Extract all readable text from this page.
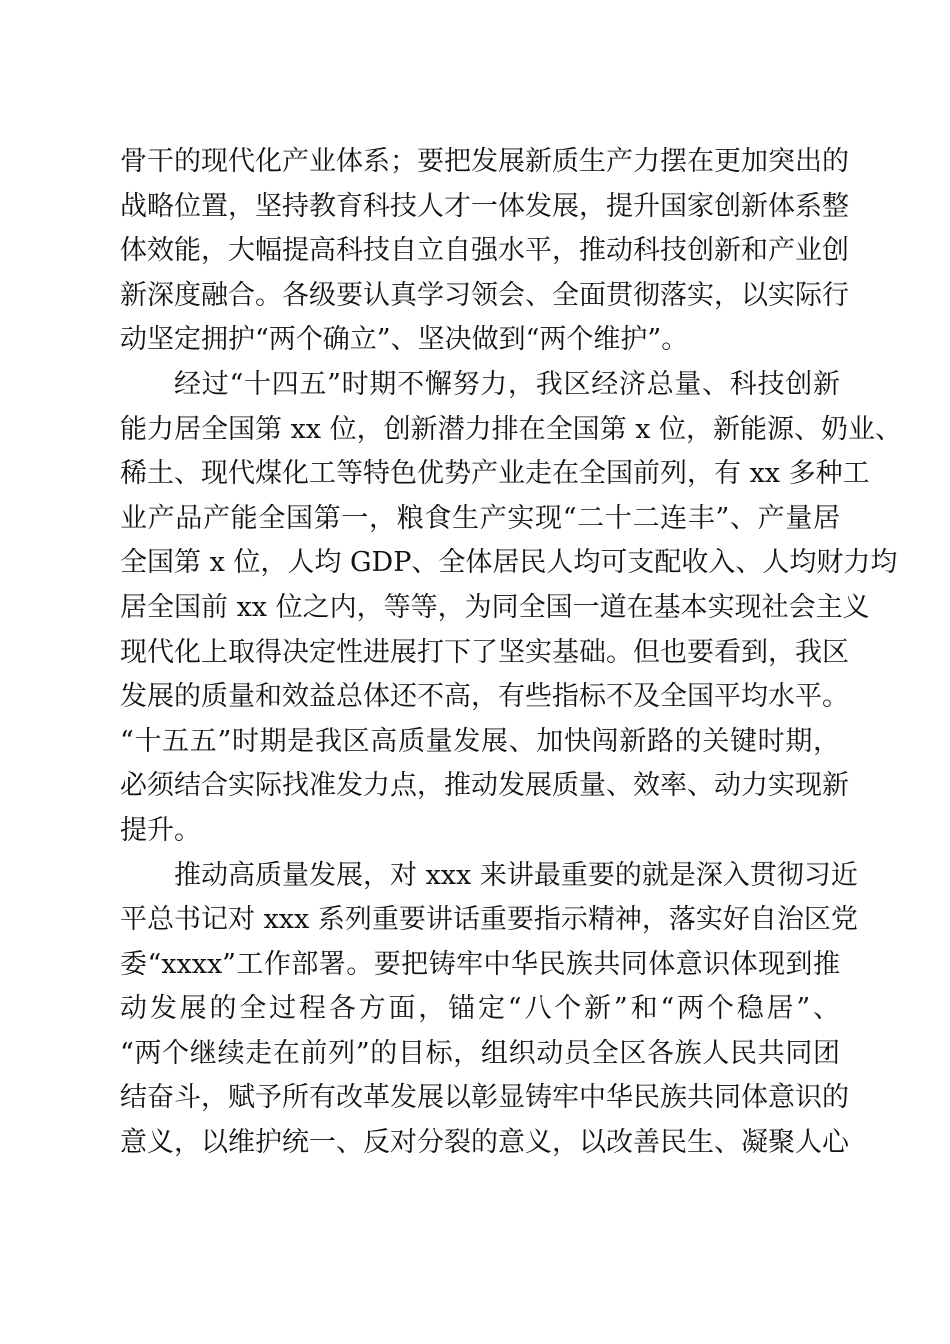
骨干的现代化产业体系；要把发展新质生产力摆在更加突出的
战略位置，坚持教育科技人才一体发展，提升国家创新体系整
体效能，大幅提高科技自立自强水平，推动科技创新和产业创
新深度融合。各级要认真学习领会、全面贯彻落实，以实际行
动坚定拥护“两个确立”、坚决做到“两个维护”。
经过“十四五”时期不懈努力，我区经济总量、科技创新
能力居全国第 xx 位，创新潜力排在全国第 x 位，新能源、奶业、
稀土、现代煤化工等特色优势产业走在全国前列，有 xx 多种工
业产品产能全国第一，粮食生产实现“二十二连丰”、产量居
全国第 x 位，人均 GDP、全体居民人均可支配收入、人均财力均
居全国前 xx 位之内，等等，为同全国一道在基本实现社会主义
现代化上取得决定性进展打下了坚实基础。但也要看到，我区
发展的质量和效益总体还不高，有些指标不及全国平均水平。
“十五五”时期是我区高质量发展、加快闯新路的关键时期，
必须结合实际找准发力点，推动发展质量、效率、动力实现新
提升。
推动高质量发展，对 xxx 来讲最重要的就是深入贯彻习近
平总书记对 xxx 系列重要讲话重要指示精神，落实好自治区党
委“xxxx”工作部署。要把铸牢中华民族共同体意识体现到推
动发展的全过程各方面，锚定“八个新”和“两个稳居”、
“两个继续走在前列”的目标，组织动员全区各族人民共同团
结奋斗，赋予所有改革发展以彰显铸牢中华民族共同体意识的
意义，以维护统一、反对分裂的意义，以改善民生、凝聚人心
